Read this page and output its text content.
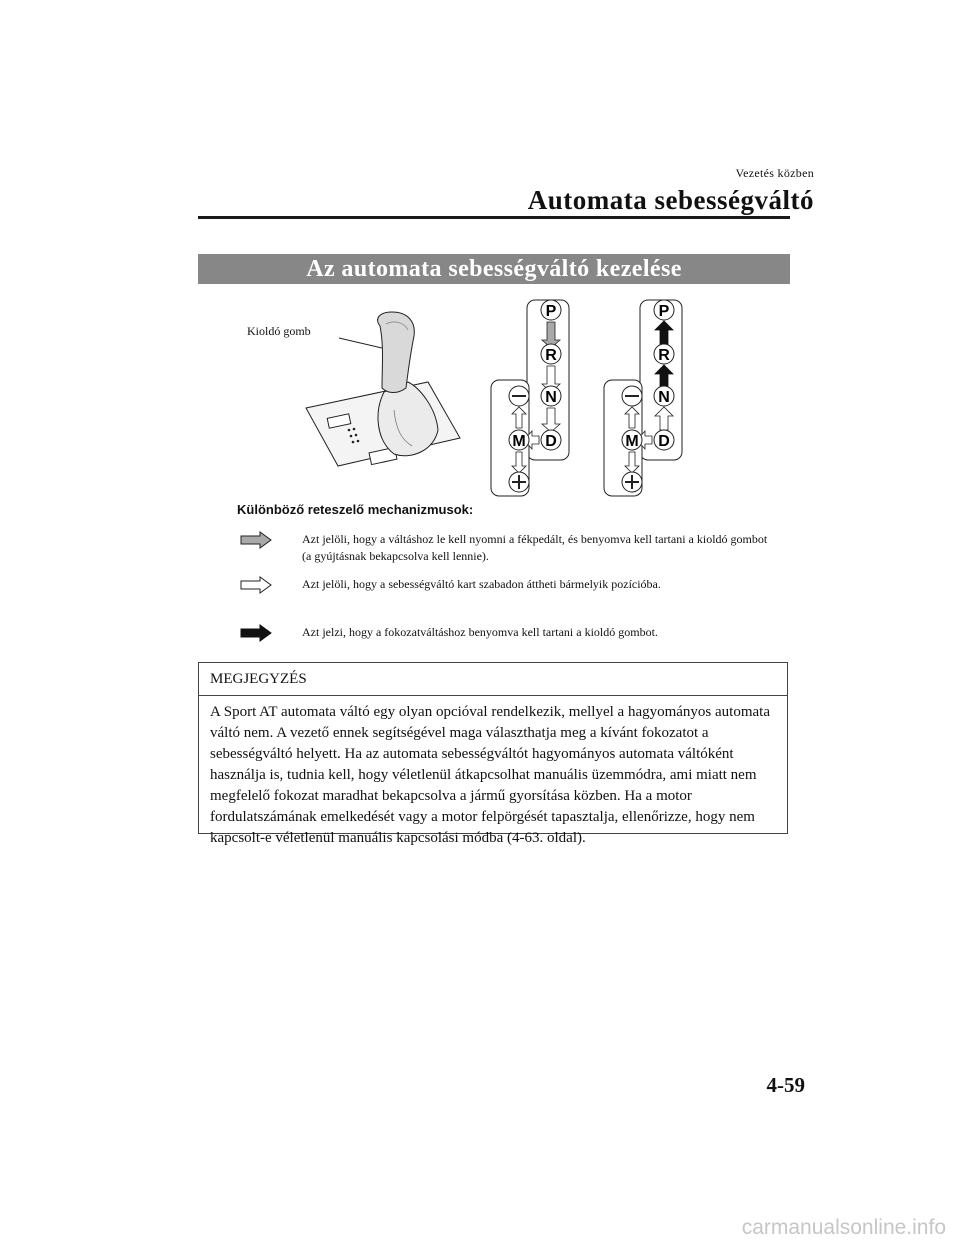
Vezetés közben
Automata sebességváltó
Az automata sebességváltó kezelése
P
R
N
D
M
P
R
N
D
M
Kioldó gomb
Különböző reteszelő mechanizmusok:
Azt jelöli, hogy a váltáshoz le kell nyomni a fékpedált, és benyomva kell tartani a kioldó gombot (a gyújtásnak bekapcsolva kell lennie).
Azt jelöli, hogy a sebességváltó kart szabadon áttheti bármelyik pozícióba.
Azt jelzi, hogy a fokozatváltáshoz benyomva kell tartani a kioldó gombot.
MEGJEGYZÉS
A Sport AT automata váltó egy olyan opcióval rendelkezik, mellyel a hagyományos automata váltó nem. A vezető ennek segítségével maga választhatja meg a kívánt fokozatot a sebességváltó helyett. Ha az automata sebességváltót hagyományos automata váltóként használja is, tudnia kell, hogy véletlenül átkapcsolhat manuális üzemmódra, ami miatt nem megfelelő fokozat maradhat bekapcsolva a jármű gyorsítása közben. Ha a motor fordulatszámának emelkedését vagy a motor felpörgését tapasztalja, ellenőrizze, hogy nem kapcsolt-e véletlenül manuális kapcsolási módba (4-63. oldal).
4-59
carmanualsonline.info
